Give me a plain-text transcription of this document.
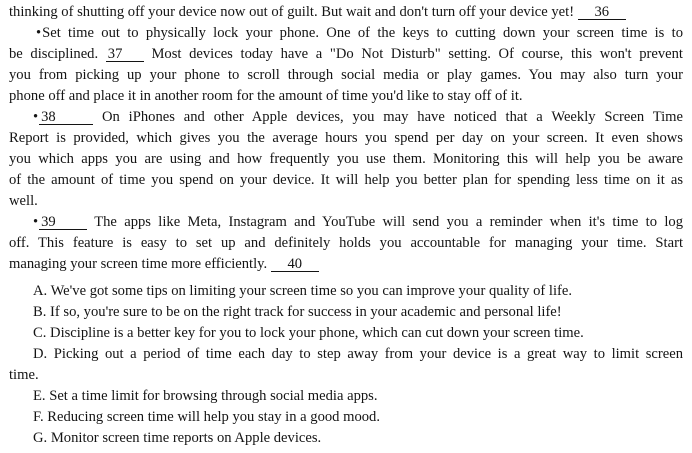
thinking of shutting off your device now out of guilt. But wait and don't turn off your device yet! 36
•Set time out to physically lock your phone. One of the keys to cutting down your screen time is to
be disciplined. 37 Most devices today have a "Do Not Disturb" setting. Of course, this won't prevent
you from picking up your phone to scroll through social media or play games. You may also turn your
phone off and place it in another room for the amount of time you'd like to stay off of it.
• 38	On iPhones and other Apple devices, you may have noticed that a Weekly Screen Time
Report is provided, which gives you the average hours you spend per day on your screen. It even shows
you which apps you are using and how frequently you use them. Monitoring this will help you be aware
of the amount of time you spend on your device. It will help you better plan for spending less time on it as
well.
• 39	The apps like Meta, Instagram and YouTube will send you a reminder when it's time to log
off. This feature is easy to set up and definitely holds you accountable for managing your time. Start
managing your screen time more efficiently. 40
A. We've got some tips on limiting your screen time so you can improve your quality of life.
B. If so, you're sure to be on the right track for success in your academic and personal life!
C. Discipline is a better key for you to lock your phone, which can cut down your screen time.
D. Picking out a period of time each day to step away from your device is a great way to limit screen
time.
E. Set a time limit for browsing through social media apps.
F. Reducing screen time will help you stay in a good mood.
G. Monitor screen time reports on Apple devices.
